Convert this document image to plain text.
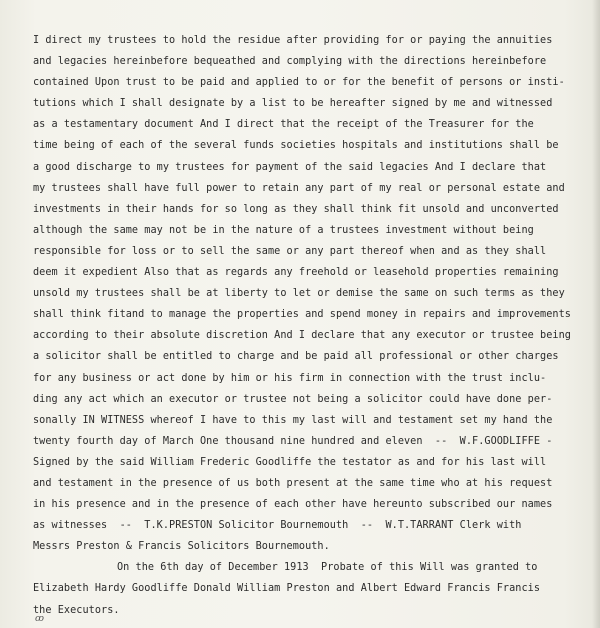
I direct my trustees to hold the residue after providing for or paying the annuities
and legacies hereinbefore bequeathed and complying with the directions hereinbefore
contained Upon trust to be paid and applied to or for the benefit of persons or insti-
tutions which I shall designate by a list to be hereafter signed by me and witnessed
as a testamentary document And I direct that the receipt of the Treasurer for the
time being of each of the several funds societies hospitals and institutions shall be
a good discharge to my trustees for payment of the said legacies And I declare that
my trustees shall have full power to retain any part of my real or personal estate and
investments in their hands for so long as they shall think fit unsold and unconverted
although the same may not be in the nature of a trustees investment without being
responsible for loss or to sell the same or any part thereof when and as they shall
deem it expedient Also that as regards any freehold or leasehold properties remaining
unsold my trustees shall be at liberty to let or demise the same on such terms as they
shall think fitand to manage the properties and spend money in repairs and improvements
according to their absolute discretion And I declare that any executor or trustee being
a solicitor shall be entitled to charge and be paid all professional or other charges
for any business or act done by him or his firm in connection with the trust inclu-
ding any act which an executor or trustee not being a solicitor could have done per-
sonally IN WITNESS whereof I have to this my last will and testament set my hand the
twenty fourth day of March One thousand nine hundred and eleven  --  W.F.GOODLIFFE -
Signed by the said William Frederic Goodliffe the testator as and for his last will
and testament in the presence of us both present at the same time who at his request
in his presence and in the presence of each other have hereunto subscribed our names
as witnesses  --  T.K.PRESTON Solicitor Bournemouth  --  W.T.TARRANT Clerk with
Messrs Preston & Francis Solicitors Bournemouth.
On the 6th day of December 1913  Probate of this Will was granted to
Elizabeth Hardy Goodliffe Donald William Preston and Albert Edward Francis Francis
the Executors.
ꝏ
